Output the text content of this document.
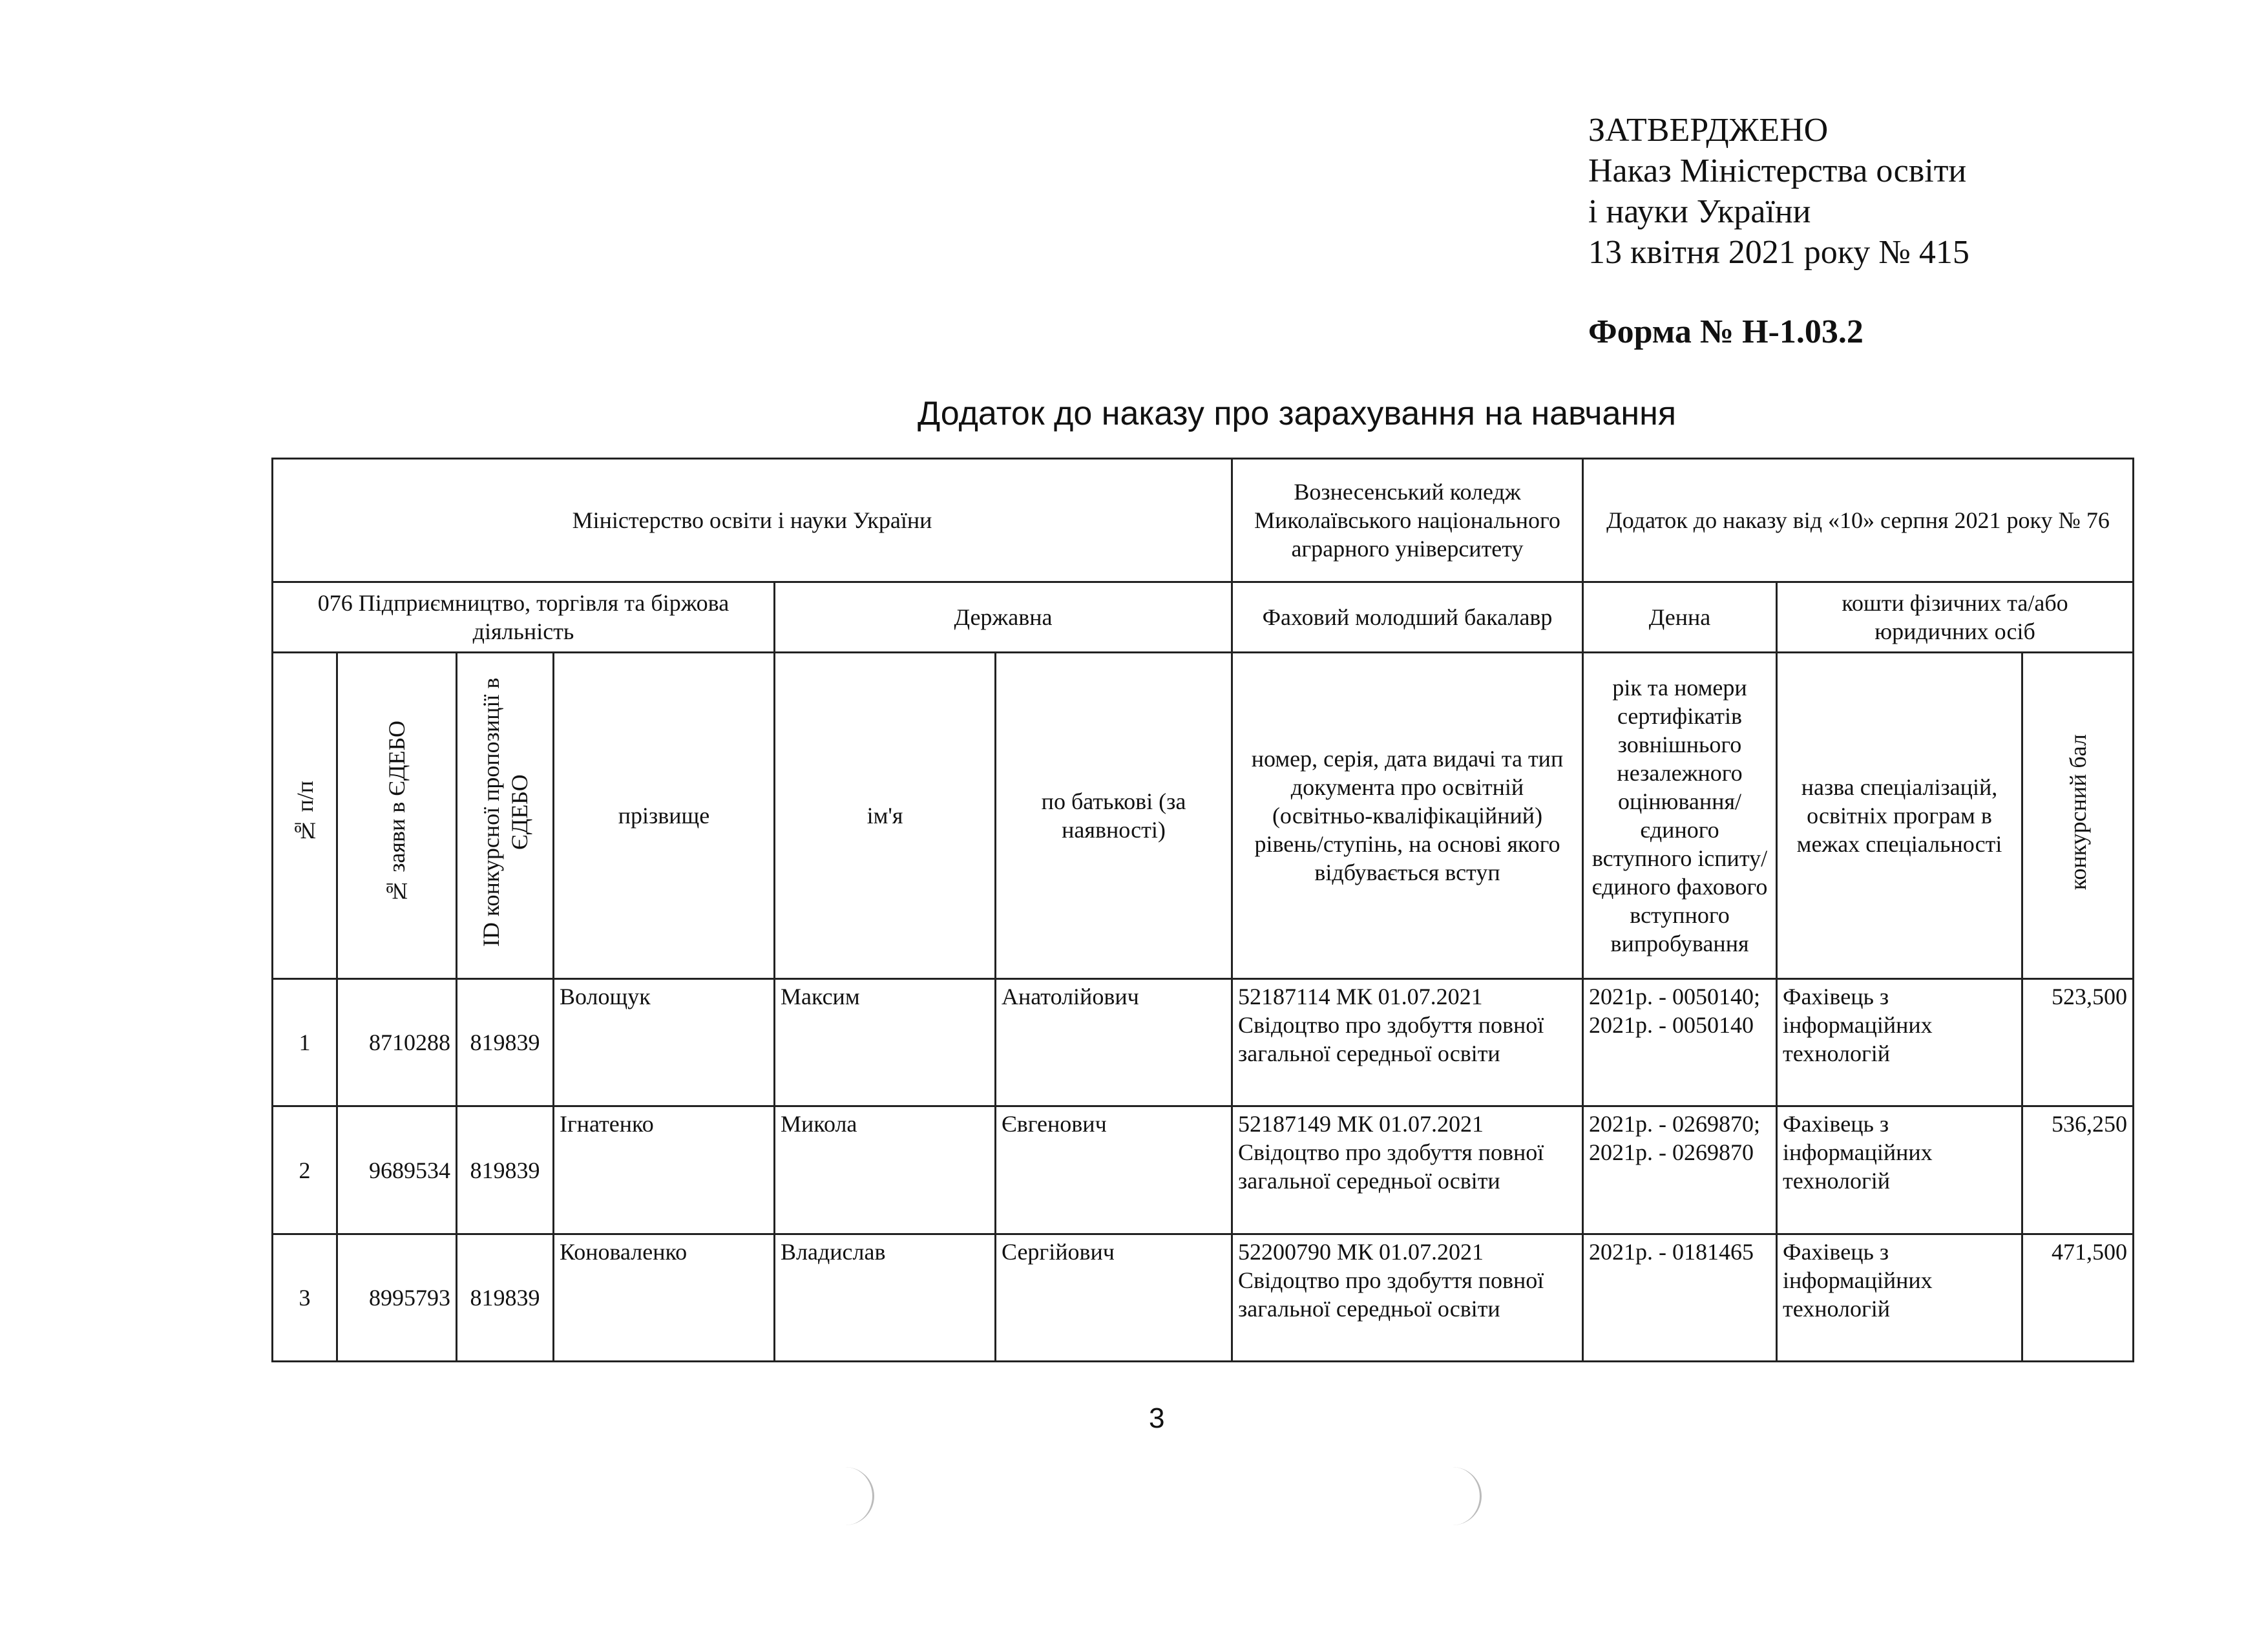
ЗАТВЕРДЖЕНО
Наказ Міністерства освіти
і науки України
13 квітня 2021 року № 415
Форма № Н-1.03.2
Додаток до наказу про зарахування на навчання
Міністерство освіти і науки України						Вознесенський коледж Миколаївського національного аграрного університету	Додаток до наказу від «10» серпня 2021 року № 76		
076 Підприємництво, торгівля та біржова діяльність				Державна		Фаховий молодший бакалавр	Денна	кошти фізичних та/або юридичних осіб	
№ п/п	№ заяви в ЄДЕБО	ID конкурсної пропозиції в ЄДЕБО	прізвище	ім'я	по батькові (за наявності)	номер, серія, дата видачі та тип документа про освітній (освітньо-кваліфікаційний) рівень/ступінь, на основі якого відбувається вступ	рік та номери сертифікатів зовнішнього незалежного оцінювання/ єдиного вступного іспиту/ єдиного фахового вступного випробування	назва спеціалізацій, освітніх програм в межах спеціальності	конкурсний бал
1	8710288	819839	Волощук	Максим	Анатолійович	52187114 МК 01.07.2021 Свідоцтво про здобуття повної загальної середньої освіти	2021р. - 0050140; 2021р. - 0050140	Фахівець з інформаційних технологій	523,500
2	9689534	819839	Ігнатенко	Микола	Євгенович	52187149 МК 01.07.2021 Свідоцтво про здобуття повної загальної середньої освіти	2021р. - 0269870; 2021р. - 0269870	Фахівець з інформаційних технологій	536,250
3	8995793	819839	Коноваленко	Владислав	Сергійович	52200790 МК 01.07.2021 Свідоцтво про здобуття повної загальної середньої освіти	2021р. - 0181465	Фахівець з інформаційних технологій	471,500
3
